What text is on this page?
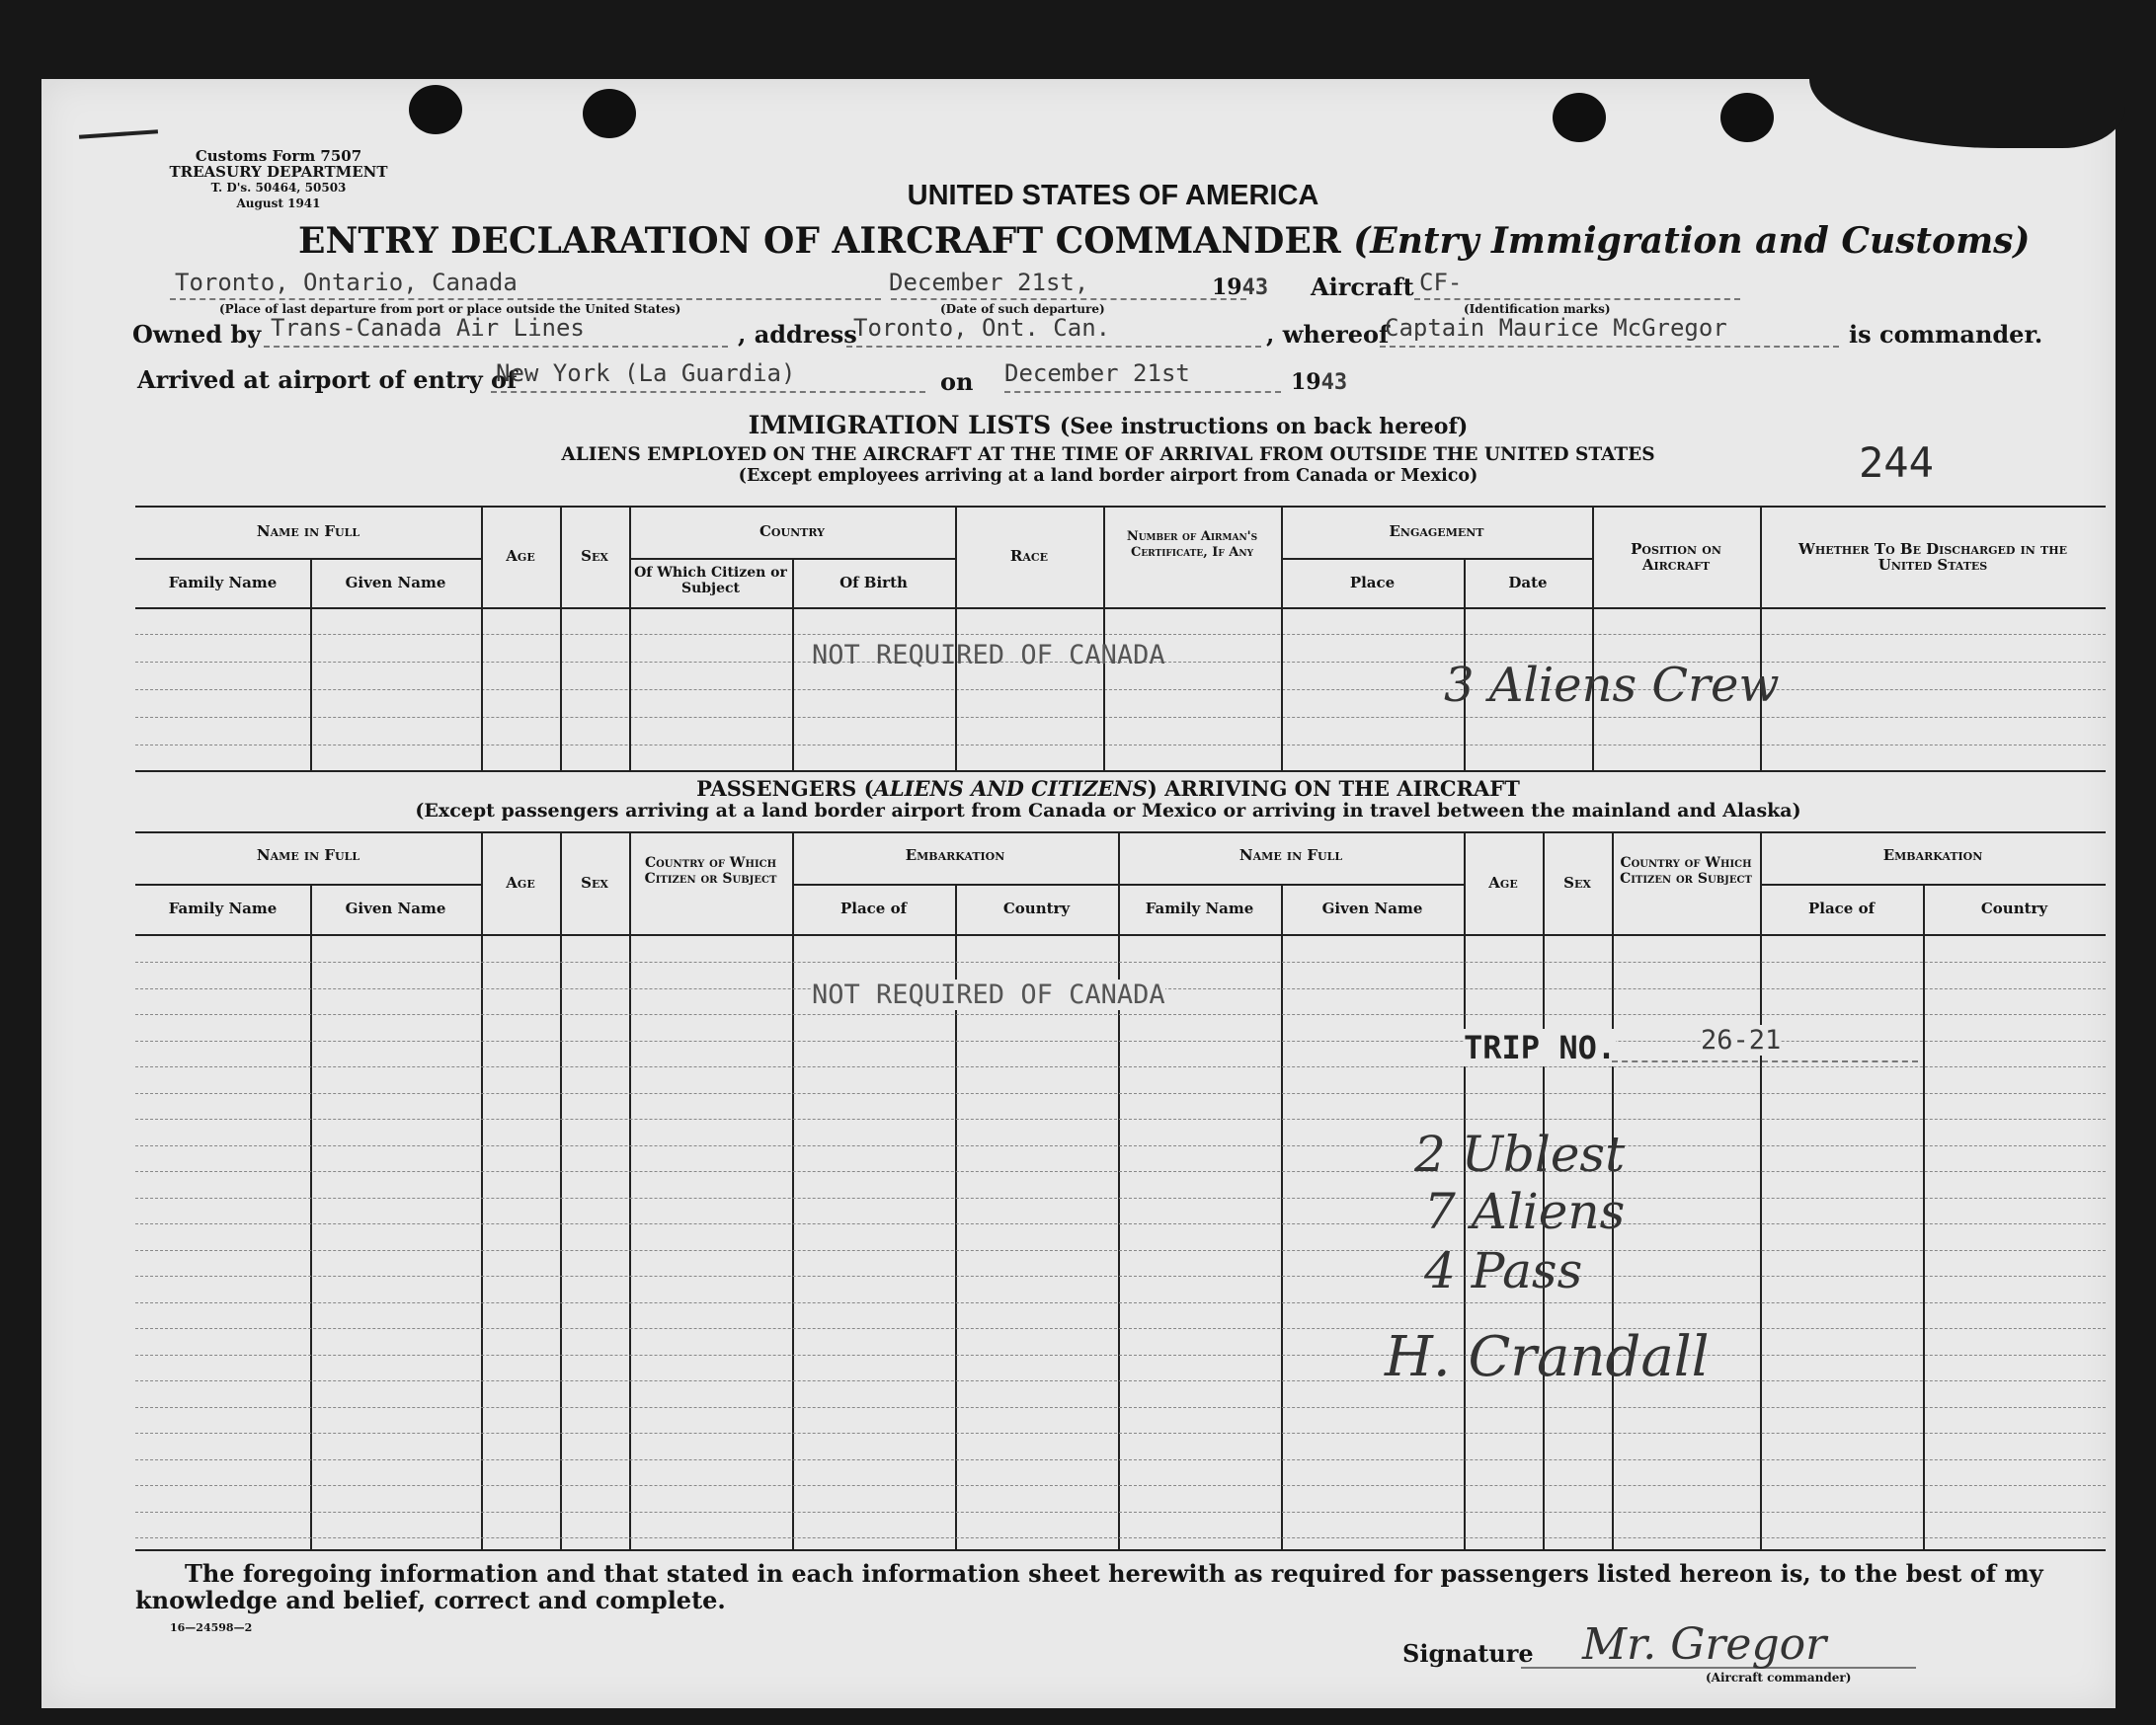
Customs Form 7507
TREASURY DEPARTMENT
T. D's. 50464, 50503
August 1941	UNITED STATES OF AMERICA
ENTRY DECLARATION OF AIRCRAFT COMMANDER (Entry Immigration and Customs)
Toronto, Ontario, Canada
(Place of last departure from port or place outside the United States)
December 21st,
(Date of such departure)
1943 Aircraft CF-
(Identification marks)
Owned by Trans-Canada Air Lines	, address
Toronto, Ont. Can.	, whereof
Captain Maurice McGregor	is commander.
Arrived at airport of entry of
New York (La Guardia)	on December 21st	1943
IMMIGRATION LISTS (See instructions on back hereof)
ALIENS EMPLOYED ON THE AIRCRAFT AT THE TIME OF ARRIVAL FROM OUTSIDE THE UNITED STATES
(Except employees arriving at a land border airport from Canada or Mexico)	244
Name in Full
Family Name	Given Name
Age	Sex
Country
Of Which Citizen or Subject	Of Birth
Race
Number of Airman's Certificate, If Any
Engagement
Place	Date
Position on Aircraft
Whether To Be Discharged in the United States
NOT REQUIRED OF CANADA
3 Aliens Crew
PASSENGERS (ALIENS AND CITIZENS) ARRIVING ON THE AIRCRAFT
(Except passengers arriving at a land border airport from Canada or Mexico or arriving in travel between the mainland and Alaska)
Name in Full
Family Name	Given Name
Age	Sex
Country of Which Citizen or Subject
Embarkation
Place of	Country
Name in Full
Family Name	Given Name
Age	Sex
Country of Which Citizen or Subject
Embarkation
Place of	Country
NOT REQUIRED OF CANADA
TRIP NO.	26-21
2 Ublest
7 Aliens
4 Pass
H. Crandall
The foregoing information and that stated in each information sheet herewith as required for passengers listed hereon is, to the best of my knowledge and belief, correct and complete.
16—24598—2
Signature Mr. Gregor
(Aircraft commander)
